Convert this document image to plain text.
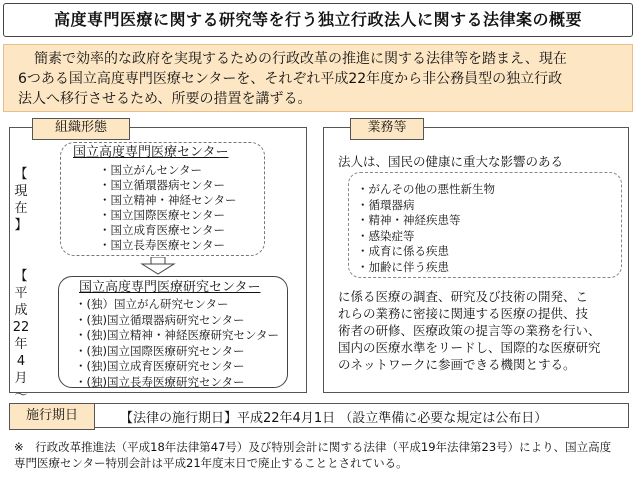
高度専門医療に関する研究等を行う独立行政法人に関する法律案の概要
簡素で効率的な政府を実現するための行政改革の推進に関する法律等を踏まえ、現在
6つある国立高度専門医療センターを、それぞれ平成22年度から非公務員型の独立行政
法人へ移行させるため、所要の措置を講ずる。
組織形態
【
現
在
】
【
平
成
22
年
4
月
〜
国立高度専門医療センター
・国立がんセンター
・国立循環器病センター
・国立精神・神経センター
・国立国際医療センター
・国立成育医療センター
・国立長寿医療センター
国立高度専門医療研究センター
・(独）国立がん研究センター
・(独)国立循環器病研究センター
・(独)国立精神・神経医療研究センター
・(独)国立国際医療研究センター
・(独)国立成育医療研究センター
・(独)国立長寿医療研究センター
業務等
法人は、国民の健康に重大な影響のある
・がんその他の悪性新生物
・循環器病
・精神・神経疾患等
・感染症等
・成育に係る疾患
・加齢に伴う疾患
に係る医療の調査、研究及び技術の開発、こ
れらの業務に密接に関連する医療の提供、技
術者の研修、医療政策の提言等の業務を行い、
国内の医療水準をリードし、国際的な医療研究
のネットワークに参画できる機関とする。
施行期日	【法律の施行期日】平成22年4月1日 （設立準備に必要な規定は公布日）
※　行政改革推進法（平成18年法律第47号）及び特別会計に関する法律（平成19年法律第23号）により、国立高度
専門医療センター特別会計は平成21年度末日で廃止することとされている。
